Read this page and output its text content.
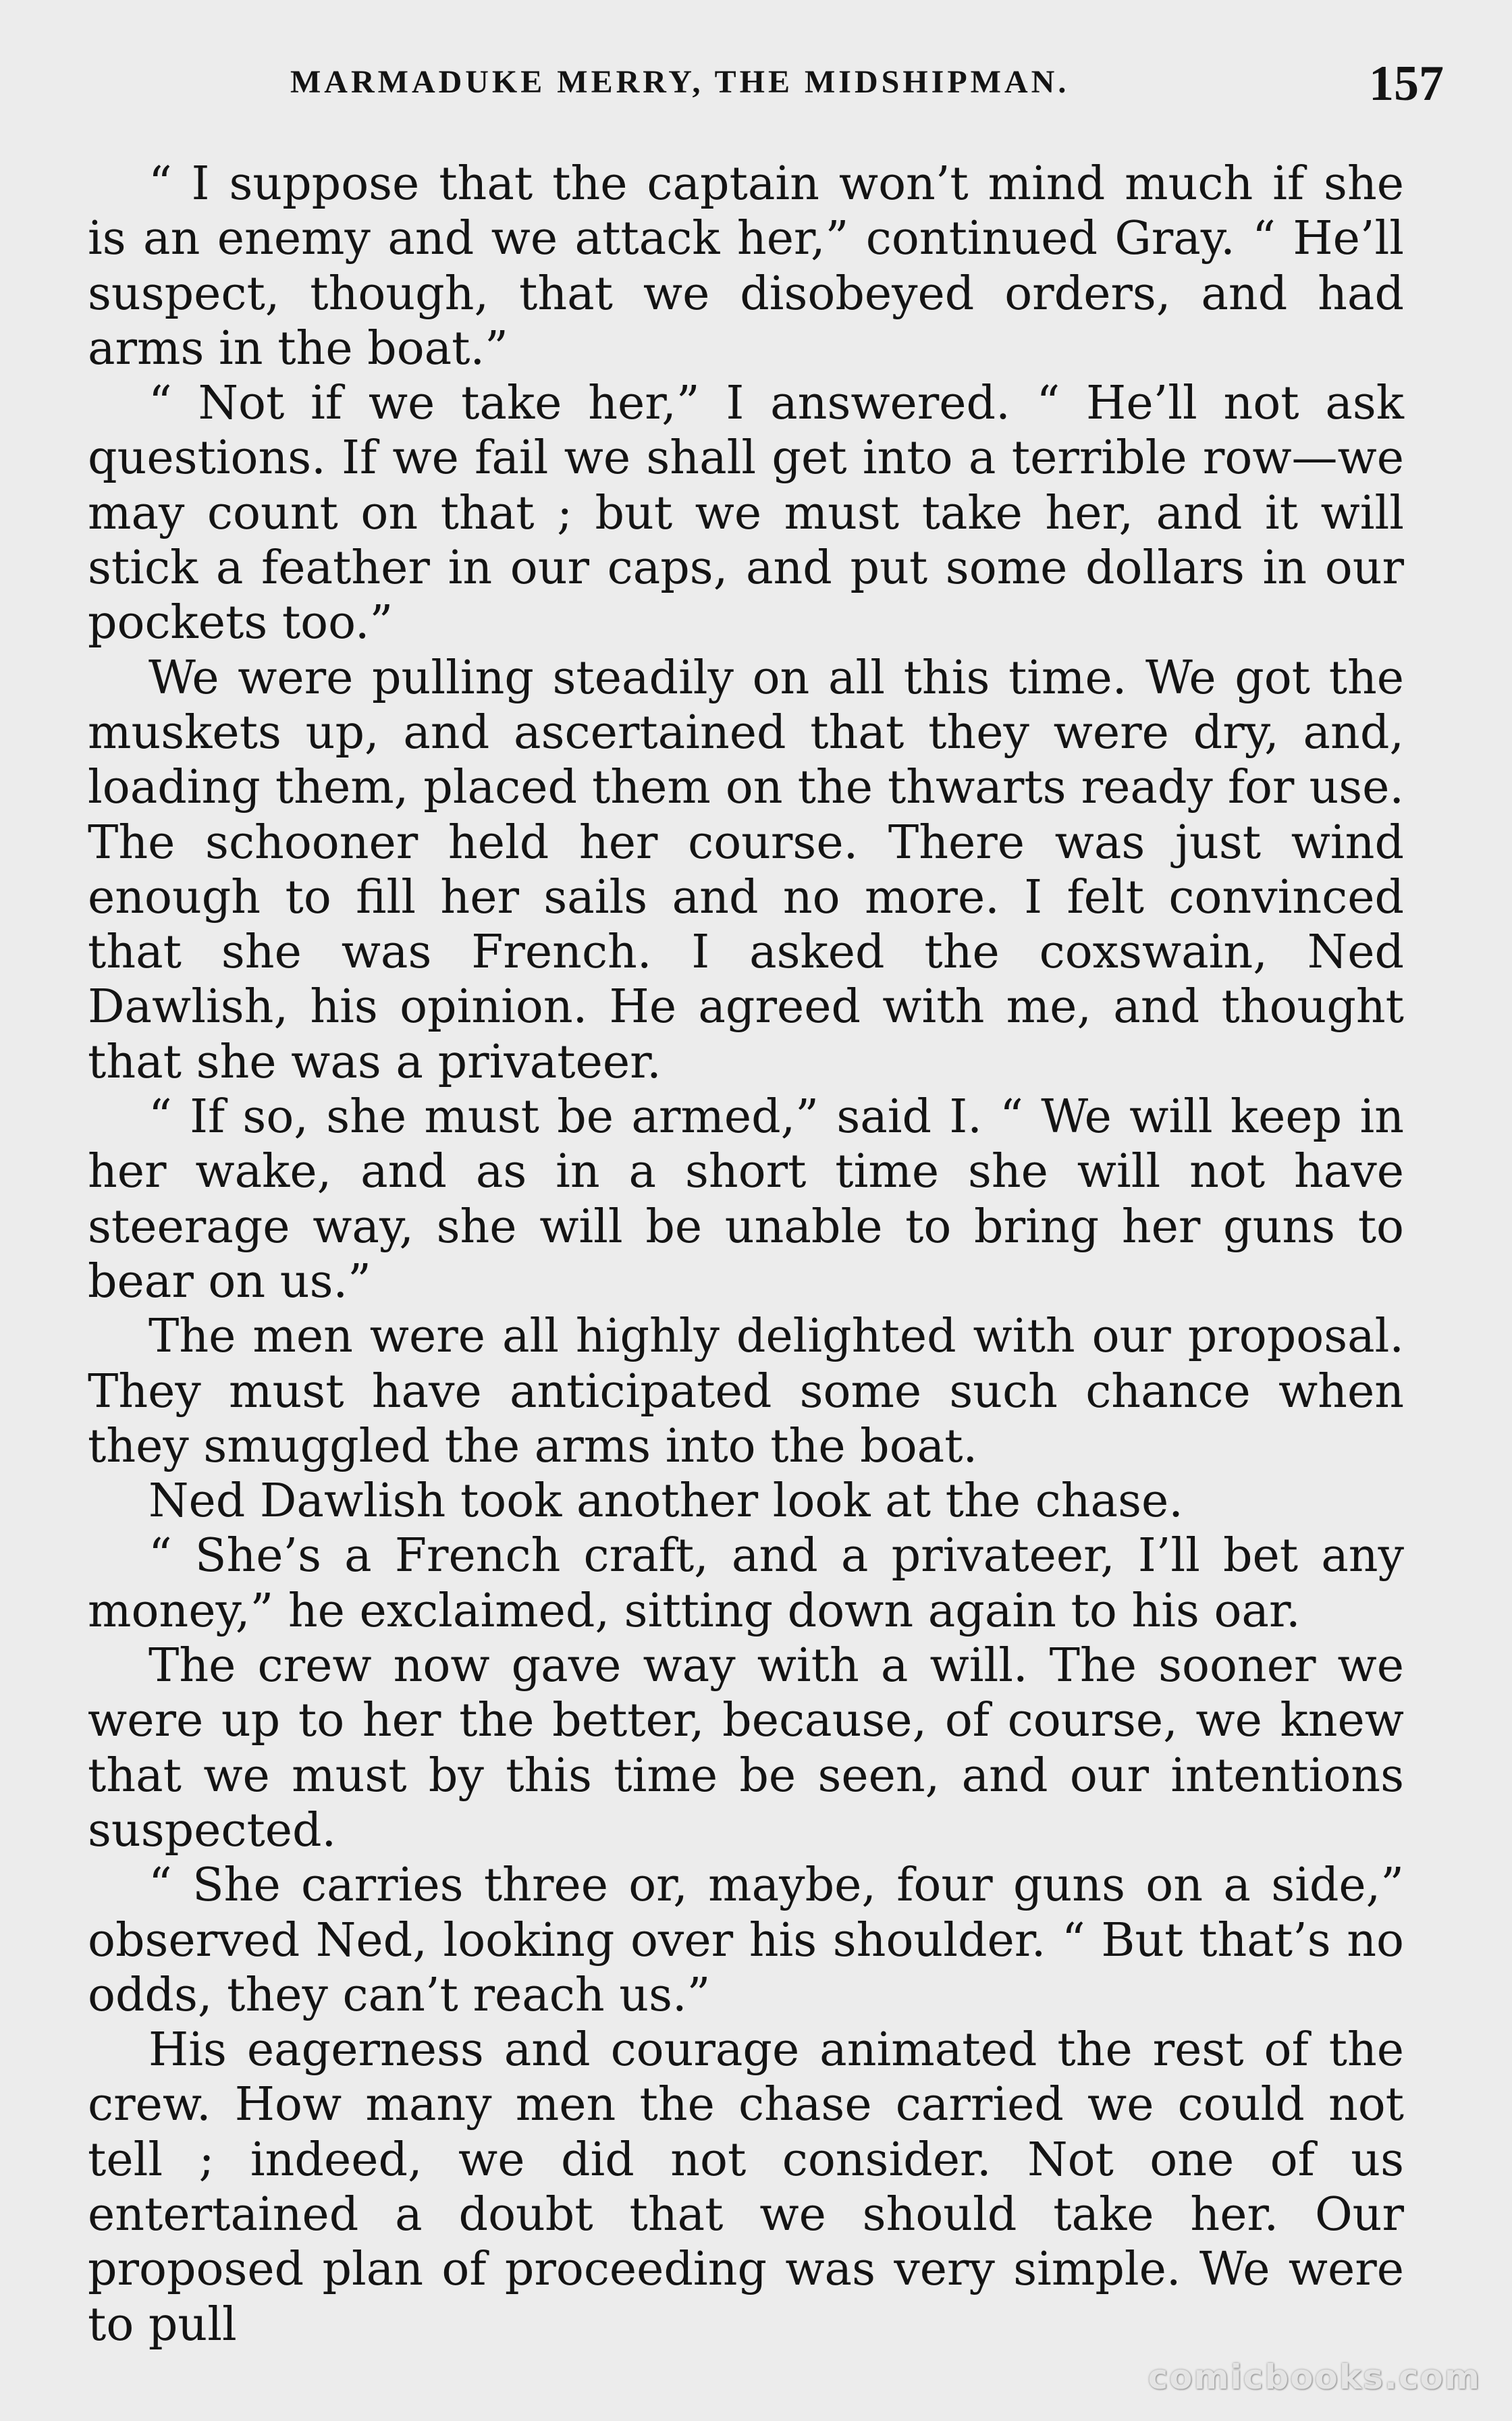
MARMADUKE MERRY, THE MIDSHIPMAN.	157

“ I suppose that the captain won’t mind much if she is an enemy and we attack her,” continued Gray. “ He’ll suspect, though, that we disobeyed orders, and had arms in the boat.”

“ Not if we take her,” I answered. “ He’ll not ask questions. If we fail we shall get into a terrible row—we may count on that ; but we must take her, and it will stick a feather in our caps, and put some dollars in our pockets too.”

We were pulling steadily on all this time. We got the muskets up, and ascertained that they were dry, and, loading them, placed them on the thwarts ready for use. The schooner held her course. There was just wind enough to fill her sails and no more. I felt convinced that she was French. I asked the coxswain, Ned Dawlish, his opinion. He agreed with me, and thought that she was a privateer.

“ If so, she must be armed,” said I. “ We will keep in her wake, and as in a short time she will not have steerage way, she will be unable to bring her guns to bear on us.”

The men were all highly delighted with our proposal. They must have anticipated some such chance when they smuggled the arms into the boat.

Ned Dawlish took another look at the chase.

“ She’s a French craft, and a privateer, I’ll bet any money,” he exclaimed, sitting down again to his oar.

The crew now gave way with a will. The sooner we were up to her the better, because, of course, we knew that we must by this time be seen, and our intentions suspected.

“ She carries three or, maybe, four guns on a side,” observed Ned, looking over his shoulder. “ But that’s no odds, they can’t reach us.”

His eagerness and courage animated the rest of the crew. How many men the chase carried we could not tell ; indeed, we did not consider. Not one of us entertained a doubt that we should take her. Our proposed plan of proceeding was very simple. We were to pull

comicbooks.com
